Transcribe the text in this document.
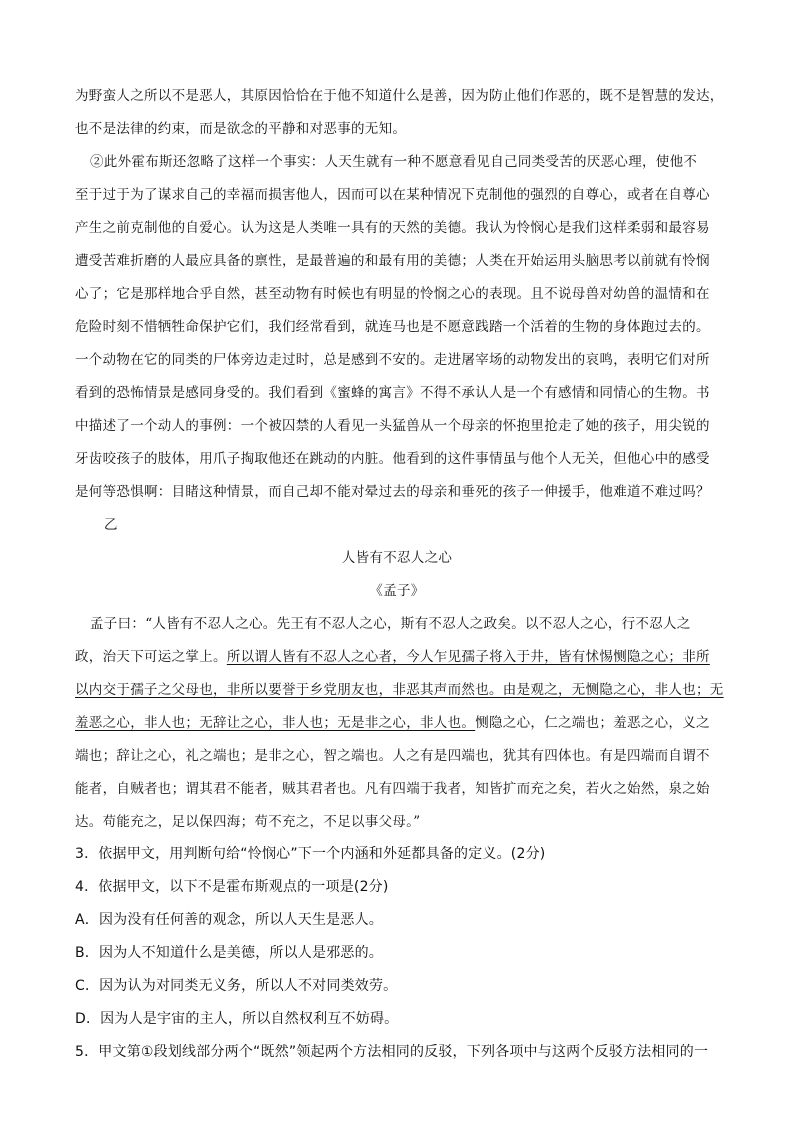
为野蛮人之所以不是恶人，其原因恰恰在于他不知道什么是善，因为防止他们作恶的，既不是智慧的发达，
也不是法律的约束，而是欲念的平静和对恶事的无知。
②此外霍布斯还忽略了这样一个事实：人天生就有一种不愿意看见自己同类受苦的厌恶心理，使他不
至于过于为了谋求自己的幸福而损害他人，因而可以在某种情况下克制他的强烈的自尊心，或者在自尊心
产生之前克制他的自爱心。认为这是人类唯一具有的天然的美德。我认为怜悯心是我们这样柔弱和最容易
遭受苦难折磨的人最应具备的禀性，是最普遍的和最有用的美德；人类在开始运用头脑思考以前就有怜悯
心了；它是那样地合乎自然，甚至动物有时候也有明显的怜悯之心的表现。且不说母兽对幼兽的温情和在
危险时刻不惜牺牲命保护它们，我们经常看到，就连马也是不愿意践踏一个活着的生物的身体跑过去的。
一个动物在它的同类的尸体旁边走过时，总是感到不安的。走进屠宰场的动物发出的哀鸣，表明它们对所
看到的恐怖情景是感同身受的。我们看到《蜜蜂的寓言》不得不承认人是一个有感情和同情心的生物。书
中描述了一个动人的事例：一个被囚禁的人看见一头猛兽从一个母亲的怀抱里抢走了她的孩子，用尖锐的
牙齿咬孩子的肢体，用爪子掏取他还在跳动的内脏。他看到的这件事情虽与他个人无关，但他心中的感受
是何等恐惧啊：目睹这种情景，而自己却不能对晕过去的母亲和垂死的孩子一伸援手，他难道不难过吗？
乙
人皆有不忍人之心
《孟子》
孟子曰：“人皆有不忍人之心。先王有不忍人之心，斯有不忍人之政矣。以不忍人之心，行不忍人之
政，治天下可运之掌上。所以谓人皆有不忍人之心者，今人乍见孺子将入于井，皆有怵惕恻隐之心；非所
以内交于孺子之父母也，非所以要誉于乡党朋友也，非恶其声而然也。由是观之，无恻隐之心，非人也；无
羞恶之心，非人也；无辞让之心，非人也；无是非之心，非人也。恻隐之心，仁之端也；羞恶之心，义之
端也；辞让之心，礼之端也；是非之心，智之端也。人之有是四端也，犹其有四体也。有是四端而自谓不
能者，自贼者也；谓其君不能者，贼其君者也。凡有四端于我者，知皆扩而充之矣，若火之始然，泉之始
达。苟能充之，足以保四海；苟不充之，不足以事父母。”
3．依据甲文，用判断句给“怜悯心”下一个内涵和外延都具备的定义。(2分)
4．依据甲文，以下不是霍布斯观点的一项是(2分)
A．因为没有任何善的观念，所以人天生是恶人。
B．因为人不知道什么是美德，所以人是邪恶的。
C．因为认为对同类无义务，所以人不对同类效劳。
D．因为人是宇宙的主人，所以自然权利互不妨碍。
5．甲文第①段划线部分两个“既然”领起两个方法相同的反驳，下列各项中与这两个反驳方法相同的一
